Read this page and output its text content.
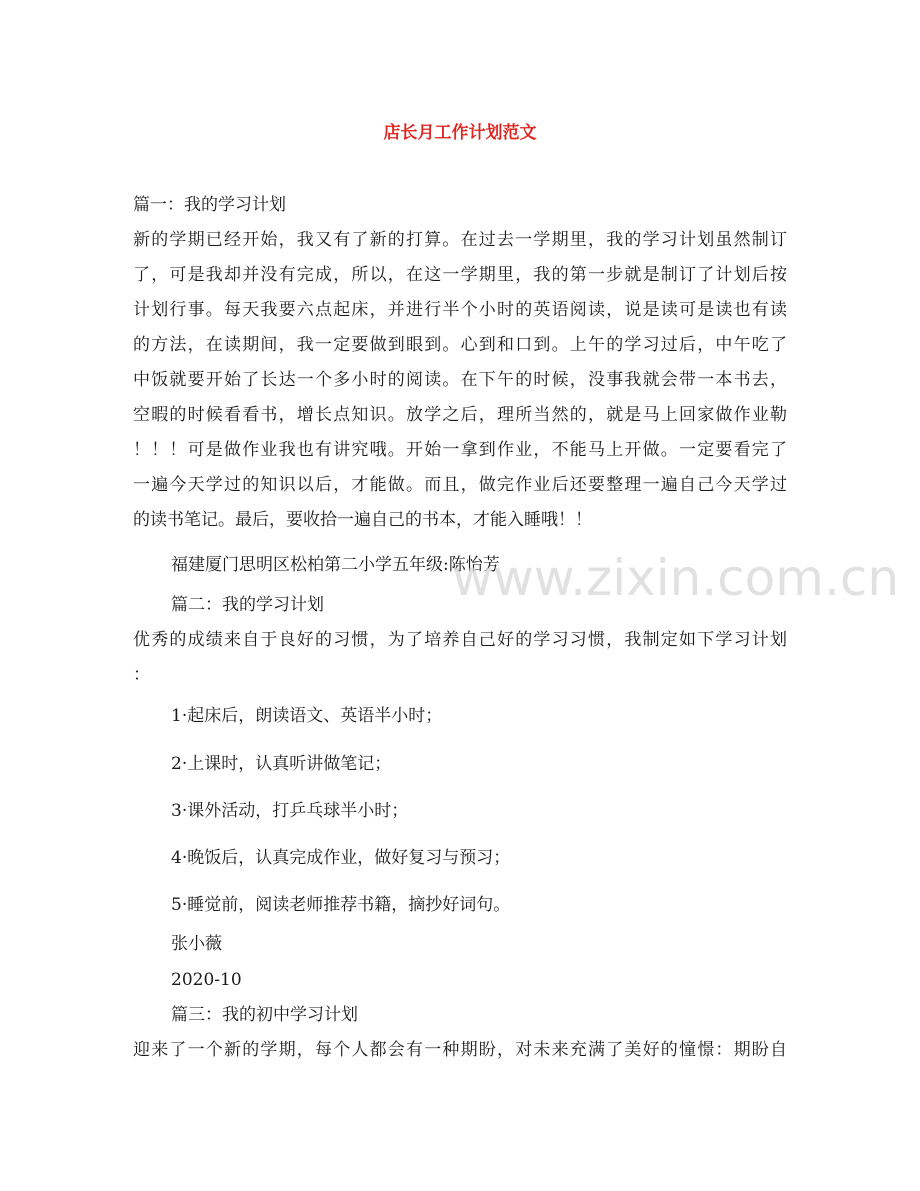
店长月工作计划范文
篇一：我的学习计划
新的学期已经开始，我又有了新的打算。在过去一学期里，我的学习计划虽然制订
了，可是我却并没有完成，所以，在这一学期里，我的第一步就是制订了计划后按
计划行事。每天我要六点起床，并进行半个小时的英语阅读，说是读可是读也有读
的方法，在读期间，我一定要做到眼到。心到和口到。上午的学习过后，中午吃了
中饭就要开始了长达一个多小时的阅读。在下午的时候，没事我就会带一本书去，
空暇的时候看看书，增长点知识。放学之后，理所当然的，就是马上回家做作业勒
！！！可是做作业我也有讲究哦。开始一拿到作业，不能马上开做。一定要看完了
一遍今天学过的知识以后，才能做。而且，做完作业后还要整理一遍自己今天学过
的读书笔记。最后，要收拾一遍自己的书本，才能入睡哦！！
福建厦门思明区松柏第二小学五年级:陈怡芳
www.zixin.com.cn
篇二：我的学习计划
优秀的成绩来自于良好的习惯，为了培养自己好的学习习惯，我制定如下学习计划
：
1·起床后，朗读语文、英语半小时；
2·上课时，认真听讲做笔记；
3·课外活动，打乒乓球半小时；
4·晚饭后，认真完成作业，做好复习与预习；
5·睡觉前，阅读老师推荐书籍，摘抄好词句。
张小薇
2020-10
篇三：我的初中学习计划
迎来了一个新的学期，每个人都会有一种期盼，对未来充满了美好的憧憬：期盼自
